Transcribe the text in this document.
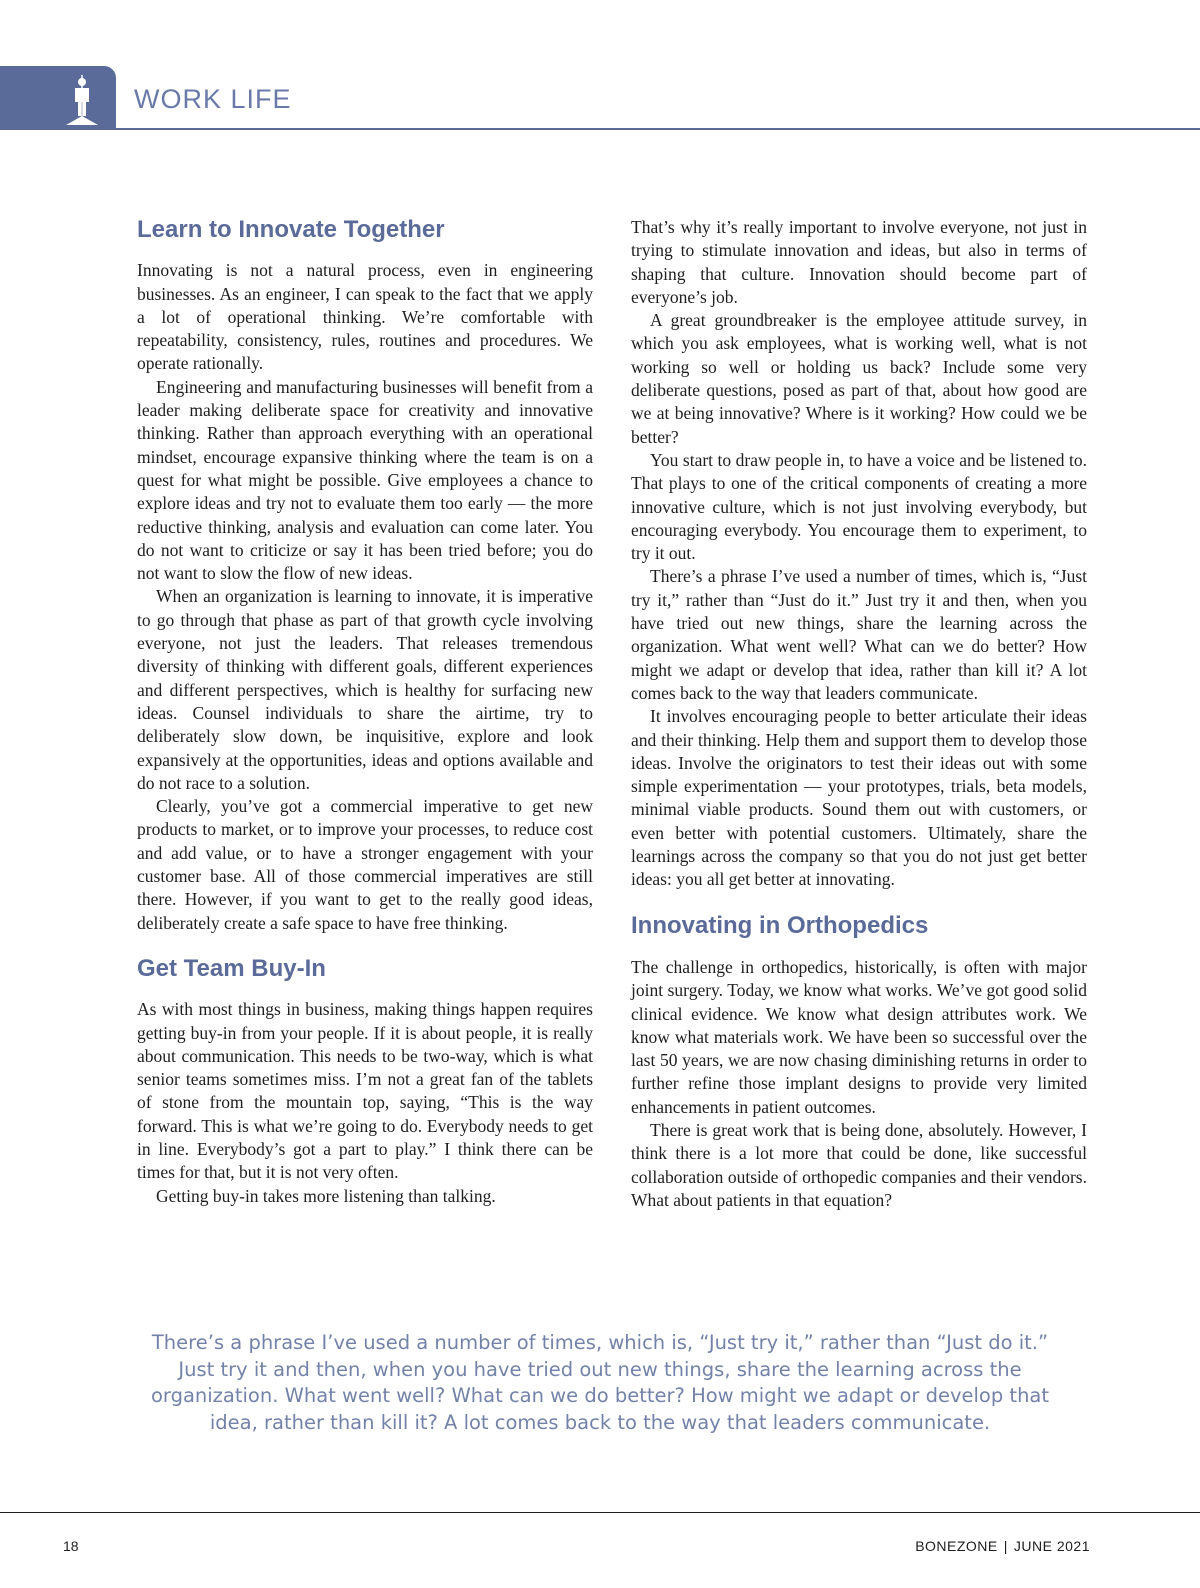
WORK LIFE
Learn to Innovate Together

Innovating is not a natural process, even in engineering businesses. As an engineer, I can speak to the fact that we apply a lot of operational thinking. We’re comfortable with repeatability, consistency, rules, routines and procedures. We operate rationally.

Engineering and manufacturing businesses will benefit from a leader making deliberate space for creativity and innovative thinking. Rather than approach everything with an operational mindset, encourage expansive thinking where the team is on a quest for what might be possible. Give employees a chance to explore ideas and try not to evaluate them too early — the more reductive thinking, analysis and evaluation can come later. You do not want to criticize or say it has been tried before; you do not want to slow the flow of new ideas.

When an organization is learning to innovate, it is imperative to go through that phase as part of that growth cycle involving everyone, not just the leaders. That releases tremendous diversity of thinking with different goals, different experiences and different perspectives, which is healthy for surfacing new ideas. Counsel individuals to share the airtime, try to deliberately slow down, be inquisitive, explore and look expansively at the opportunities, ideas and options available and do not race to a solution.

Clearly, you’ve got a commercial imperative to get new products to market, or to improve your processes, to reduce cost and add value, or to have a stronger engagement with your customer base. All of those commercial imperatives are still there. However, if you want to get to the really good ideas, deliberately create a safe space to have free thinking.

Get Team Buy-In

As with most things in business, making things happen requires getting buy-in from your people. If it is about people, it is really about communication. This needs to be two-way, which is what senior teams sometimes miss. I’m not a great fan of the tablets of stone from the mountain top, saying, “This is the way forward. This is what we’re going to do. Everybody needs to get in line. Everybody’s got a part to play.” I think there can be times for that, but it is not very often.

Getting buy-in takes more listening than talking.

That’s why it’s really important to involve everyone, not just in trying to stimulate innovation and ideas, but also in terms of shaping that culture. Innovation should become part of everyone’s job.

A great groundbreaker is the employee attitude survey, in which you ask employees, what is working well, what is not working so well or holding us back? Include some very deliberate questions, posed as part of that, about how good are we at being innovative? Where is it working? How could we be better?

You start to draw people in, to have a voice and be listened to. That plays to one of the critical components of creating a more innovative culture, which is not just involving everybody, but encouraging everybody. You encourage them to experiment, to try it out.

There’s a phrase I’ve used a number of times, which is, “Just try it,” rather than “Just do it.” Just try it and then, when you have tried out new things, share the learning across the organization. What went well? What can we do better? How might we adapt or develop that idea, rather than kill it? A lot comes back to the way that leaders communicate.

It involves encouraging people to better articulate their ideas and their thinking. Help them and support them to develop those ideas. Involve the originators to test their ideas out with some simple experimentation — your prototypes, trials, beta models, minimal viable products. Sound them out with customers, or even better with potential customers. Ultimately, share the learnings across the company so that you do not just get better ideas: you all get better at innovating.

Innovating in Orthopedics

The challenge in orthopedics, historically, is often with major joint surgery. Today, we know what works. We’ve got good solid clinical evidence. We know what design attributes work. We know what materials work. We have been so successful over the last 50 years, we are now chasing diminishing returns in order to further refine those implant designs to provide very limited enhancements in patient outcomes.

There is great work that is being done, absolutely. However, I think there is a lot more that could be done, like successful collaboration outside of orthopedic companies and their vendors. What about patients in that equation?

There’s a phrase I’ve used a number of times, which is, “Just try it,” rather than “Just do it.” Just try it and then, when you have tried out new things, share the learning across the organization. What went well? What can we do better? How might we adapt or develop that idea, rather than kill it? A lot comes back to the way that leaders communicate.
18	BONEZONE | JUNE 2021
